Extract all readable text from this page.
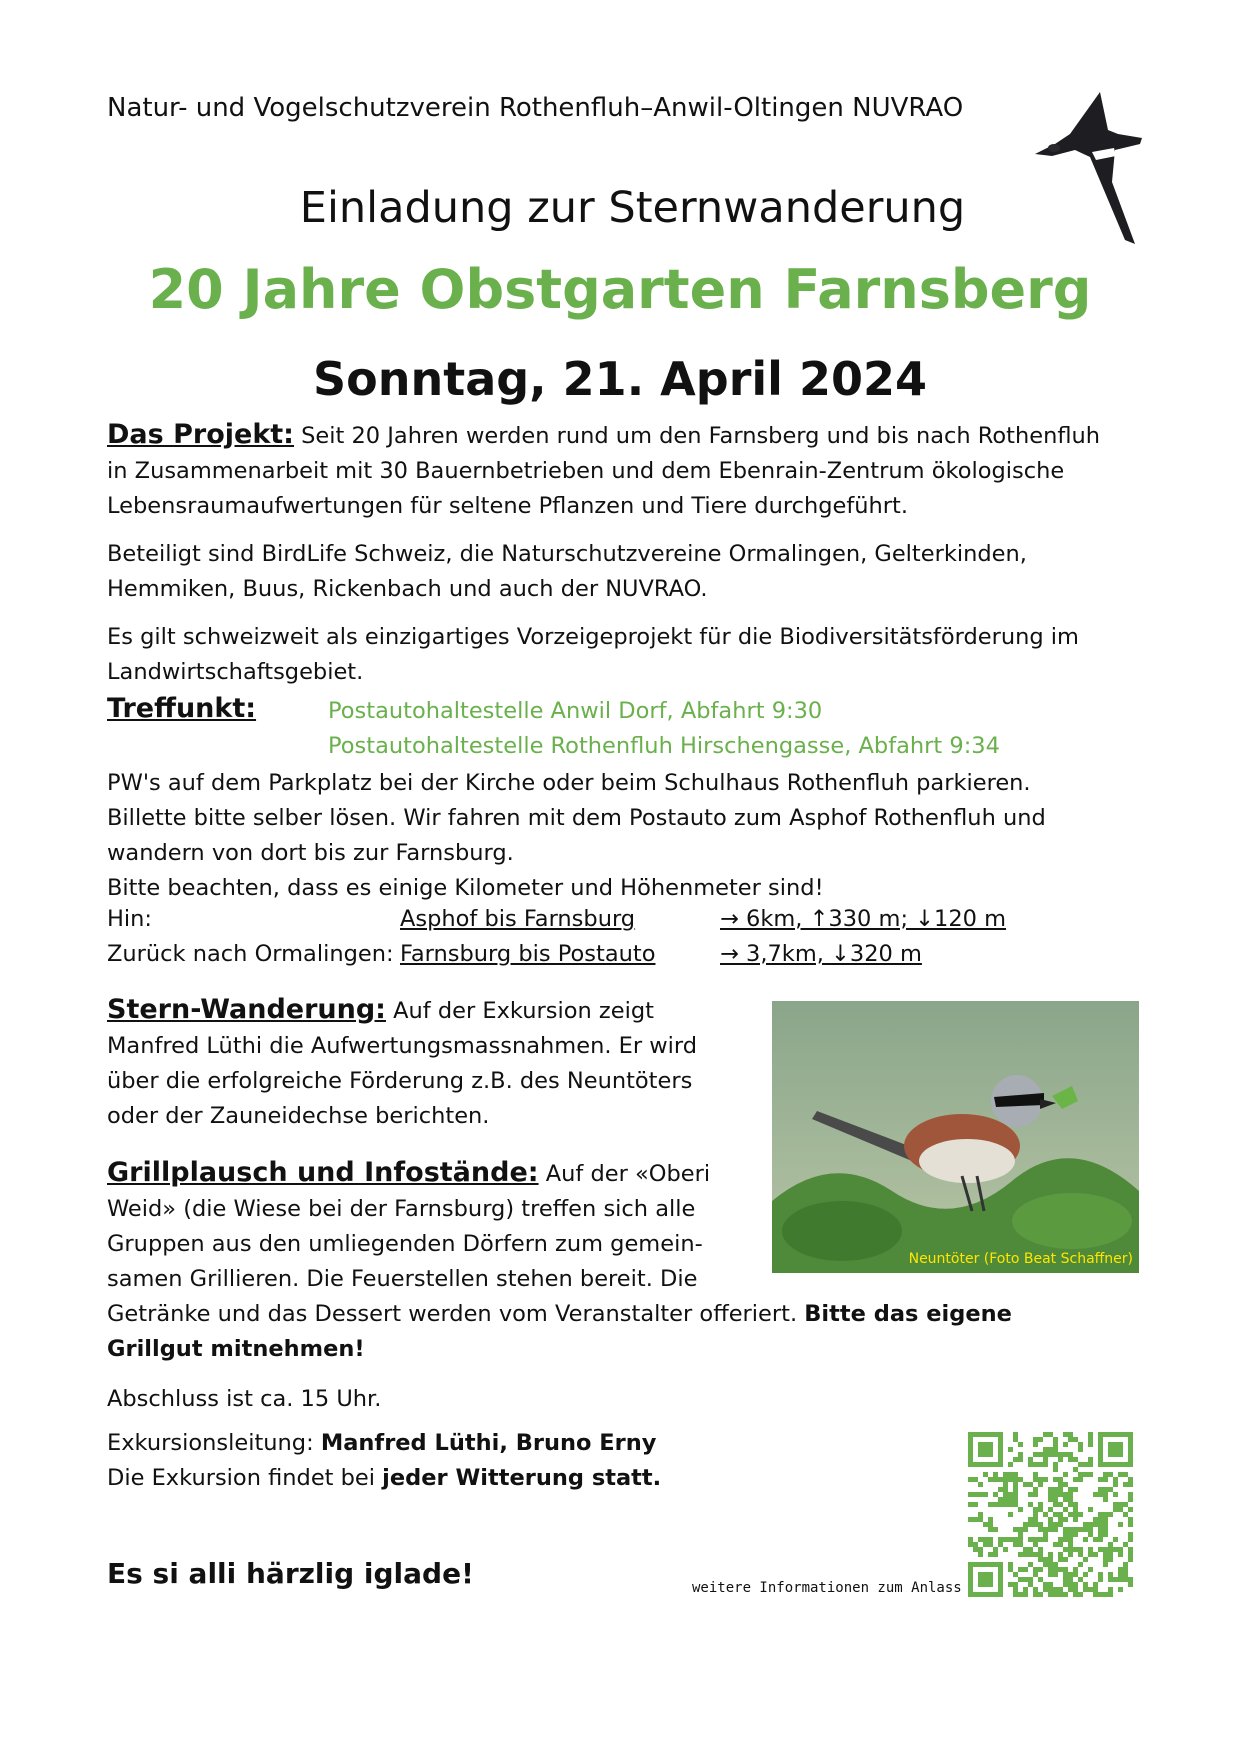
Natur- und Vogelschutzverein Rothenfluh–Anwil-Oltingen NUVRAO
Einladung zur Sternwanderung
20 Jahre Obstgarten Farnsberg
Sonntag, 21. April 2024
Das Projekt: Seit 20 Jahren werden rund um den Farnsberg und bis nach Rothenfluh
in Zusammenarbeit mit 30 Bauernbetrieben und dem Ebenrain-Zentrum ökologische
Lebensraumaufwertungen für seltene Pflanzen und Tiere durchgeführt.
Beteiligt sind BirdLife Schweiz, die Naturschutzvereine Ormalingen, Gelterkinden,
Hemmiken, Buus, Rickenbach und auch der NUVRAO.
Es gilt schweizweit als einzigartiges Vorzeigeprojekt für die Biodiversitätsförderung im
Landwirtschaftsgebiet.
Treffunkt:	Postautohaltestelle Anwil Dorf, Abfahrt 9:30
Postautohaltestelle Rothenfluh Hirschengasse, Abfahrt 9:34
PW's auf dem Parkplatz bei der Kirche oder beim Schulhaus Rothenfluh parkieren.
Billette bitte selber lösen. Wir fahren mit dem Postauto zum Asphof Rothenfluh und
wandern von dort bis zur Farnsburg.
Bitte beachten, dass es einige Kilometer und Höhenmeter sind!
Hin:	Asphof bis Farnsburg	→ 6km, ↑330 m; ↓120 m
Zurück nach Ormalingen: Farnsburg bis Postauto	→ 3,7km, ↓320 m
Stern-Wanderung: Auf der Exkursion zeigt
Manfred Lüthi die Aufwertungsmassnahmen. Er wird
über die erfolgreiche Förderung z.B. des Neuntöters
oder der Zauneidechse berichten.
Neuntöter (Foto Beat Schaffner)
Grillplausch und Infostände: Auf der «Oberi
Weid» (die Wiese bei der Farnsburg) treffen sich alle
Gruppen aus den umliegenden Dörfern zum gemein-
samen Grillieren. Die Feuerstellen stehen bereit. Die
Getränke und das Dessert werden vom Veranstalter offeriert. Bitte das eigene
Grillgut mitnehmen!
Abschluss ist ca. 15 Uhr.
Exkursionsleitung: Manfred Lüthi, Bruno Erny
Die Exkursion findet bei jeder Witterung statt.
Es si alli härzlig iglade!	weitere Informationen zum Anlass
